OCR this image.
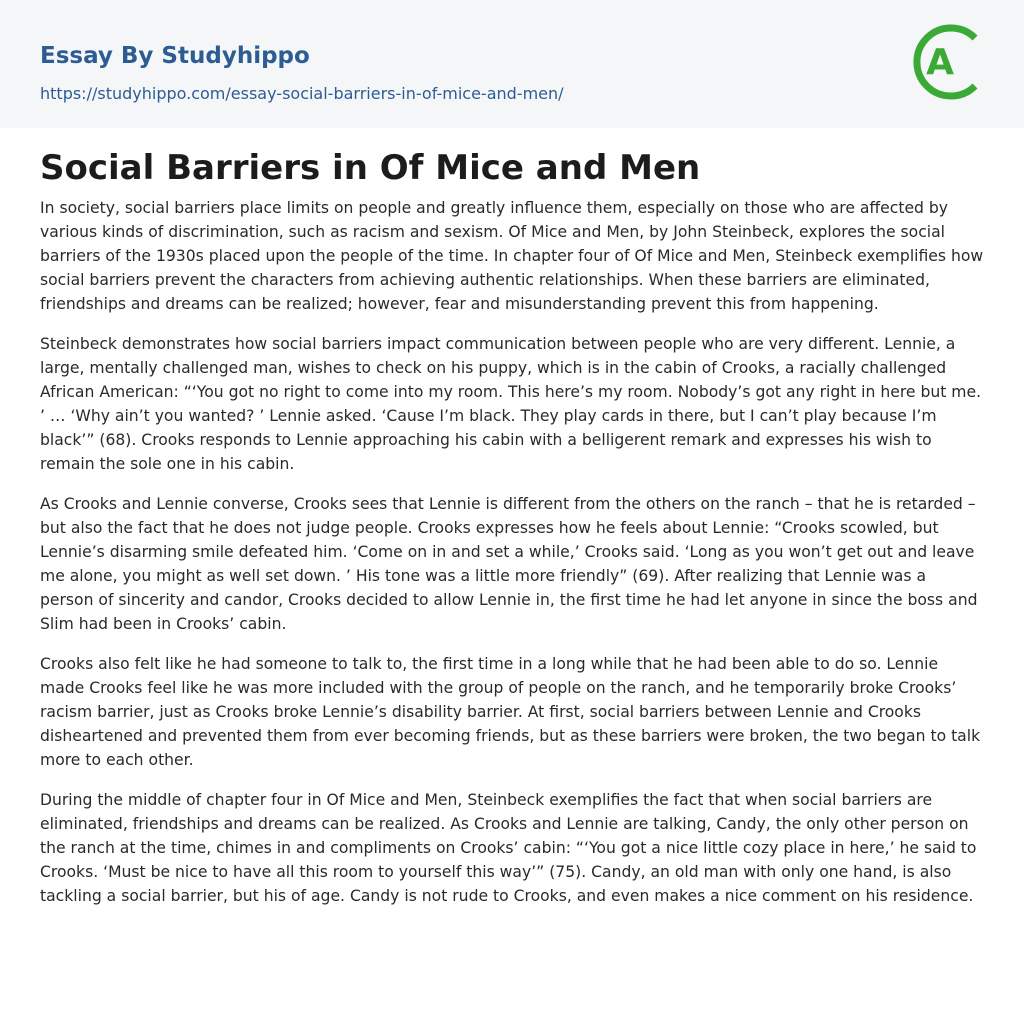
Essay By Studyhippo
https://studyhippo.com/essay-social-barriers-in-of-mice-and-men/
A
Social Barriers in Of Mice and Men

In society, social barriers place limits on people and greatly influence them, especially on those who are affected by various kinds of discrimination, such as racism and sexism. Of Mice and Men, by John Steinbeck, explores the social barriers of the 1930s placed upon the people of the time. In chapter four of Of Mice and Men, Steinbeck exemplifies how social barriers prevent the characters from achieving authentic relationships. When these barriers are eliminated, friendships and dreams can be realized; however, fear and misunderstanding prevent this from happening.

Steinbeck demonstrates how social barriers impact communication between people who are very different. Lennie, a large, mentally challenged man, wishes to check on his puppy, which is in the cabin of Crooks, a racially challenged African American: “‘You got no right to come into my room. This here’s my room. Nobody’s got any right in here but me. ’ … ‘Why ain’t you wanted? ’ Lennie asked. ‘Cause I’m black. They play cards in there, but I can’t play because I’m black’” (68). Crooks responds to Lennie approaching his cabin with a belligerent remark and expresses his wish to remain the sole one in his cabin.

As Crooks and Lennie converse, Crooks sees that Lennie is different from the others on the ranch – that he is retarded – but also the fact that he does not judge people. Crooks expresses how he feels about Lennie: “Crooks scowled, but Lennie’s disarming smile defeated him. ‘Come on in and set a while,’ Crooks said. ‘Long as you won’t get out and leave me alone, you might as well set down. ’ His tone was a little more friendly” (69). After realizing that Lennie was a person of sincerity and candor, Crooks decided to allow Lennie in, the first time he had let anyone in since the boss and Slim had been in Crooks’ cabin.

Crooks also felt like he had someone to talk to, the first time in a long while that he had been able to do so. Lennie made Crooks feel like he was more included with the group of people on the ranch, and he temporarily broke Crooks’ racism barrier, just as Crooks broke Lennie’s disability barrier. At first, social barriers between Lennie and Crooks disheartened and prevented them from ever becoming friends, but as these barriers were broken, the two began to talk more to each other.

During the middle of chapter four in Of Mice and Men, Steinbeck exemplifies the fact that when social barriers are eliminated, friendships and dreams can be realized. As Crooks and Lennie are talking, Candy, the only other person on the ranch at the time, chimes in and compliments on Crooks’ cabin: “‘You got a nice little cozy place in here,’ he said to Crooks. ‘Must be nice to have all this room to yourself this way’” (75). Candy, an old man with only one hand, is also tackling a social barrier, but his of age. Candy is not rude to Crooks, and even makes a nice comment on his residence.
